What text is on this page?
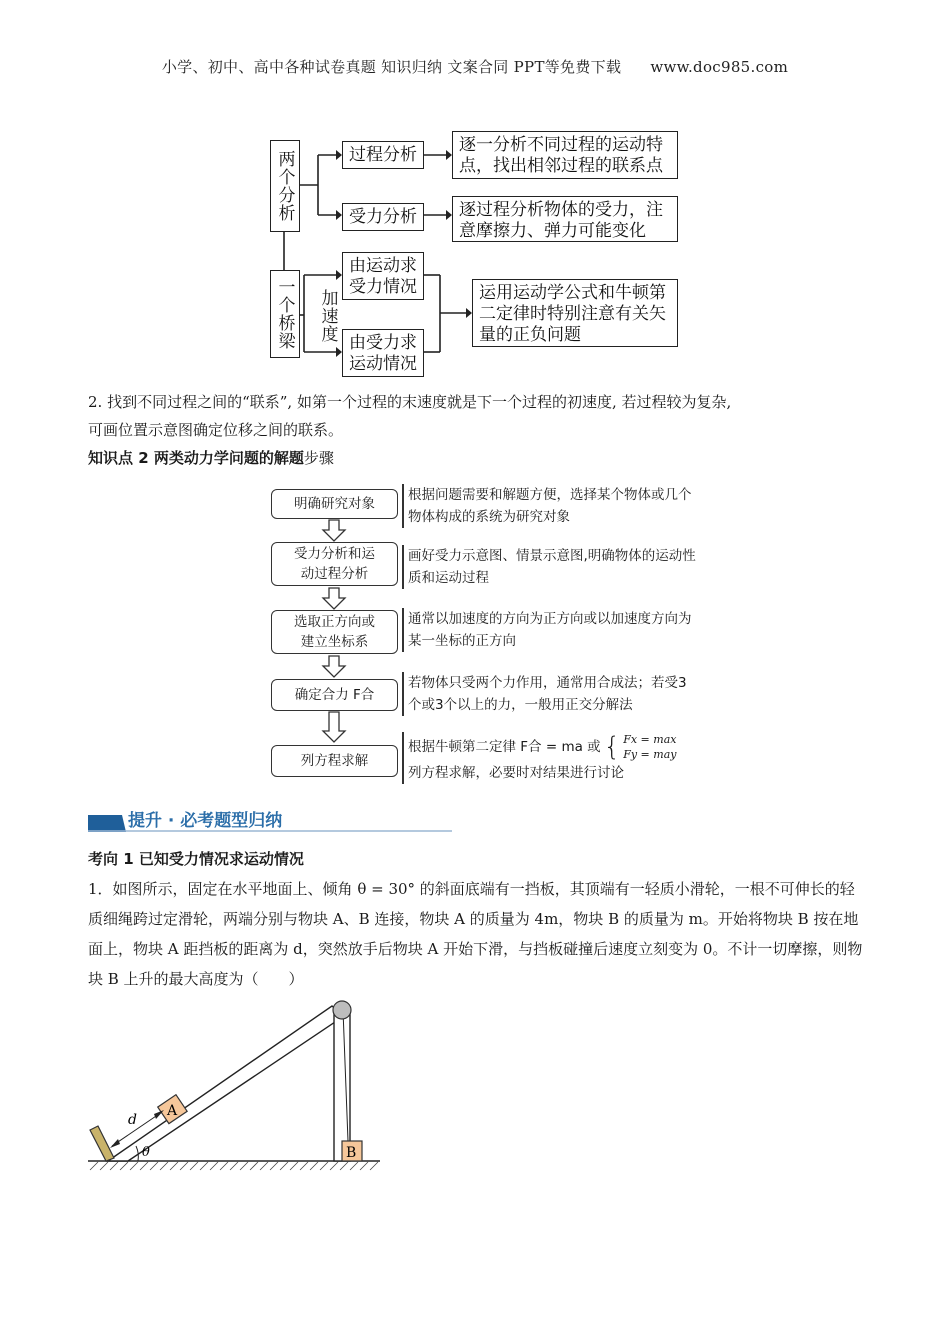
小学、初中、高中各种试卷真题 知识归纳 文案合同 PPT等免费下载 www.doc985.com
两个分析
一个桥梁	加速度
过程分析	逐一分析不同过程的运动特点，找出相邻过程的联系点
受力分析	逐过程分析物体的受力，注意摩擦力、弹力可能变化
由运动求受力情况
由受力求运动情况
运用运动学公式和牛顿第二定律时特别注意有关矢量的正负问题
2. 找到不同过程之间的“联系”, 如第一个过程的末速度就是下一个过程的初速度, 若过程较为复杂,
可画位置示意图确定位移之间的联系。
知识点 2 两类动力学问题的解题步骤
明确研究对象
根据问题需要和解题方便，选择某个物体或几个物体构成的系统为研究对象
受力分析和运动过程分析
画好受力示意图、情景示意图,明确物体的运动性质和运动过程
选取正方向或建立坐标系
通常以加速度的方向为正方向或以加速度方向为某一坐标的正方向
确定合力 F合
若物体只受两个力作用，通常用合成法；若受3个或3个以上的力，一般用正交分解法
列方程求解
根据牛顿第二定律 F合 = ma 或 { Fx = max
Fy = may
列方程求解，必要时对结果进行讨论
提升 · 必考题型归纳
考向 1 已知受力情况求运动情况
1．如图所示，固定在水平地面上、倾角 θ = 30° 的斜面底端有一挡板，其顶端有一轻质小滑轮，一根不可伸长的轻质细绳跨过定滑轮，两端分别与物块 A、B 连接，物块 A 的质量为 4m，物块 B 的质量为 m。开始将物块 B 按在地面上，物块 A 距挡板的距离为 d，突然放手后物块 A 开始下滑，与挡板碰撞后速度立刻变为 0。不计一切摩擦，则物块 B 上升的最大高度为（　　）
A
B
d
θ
